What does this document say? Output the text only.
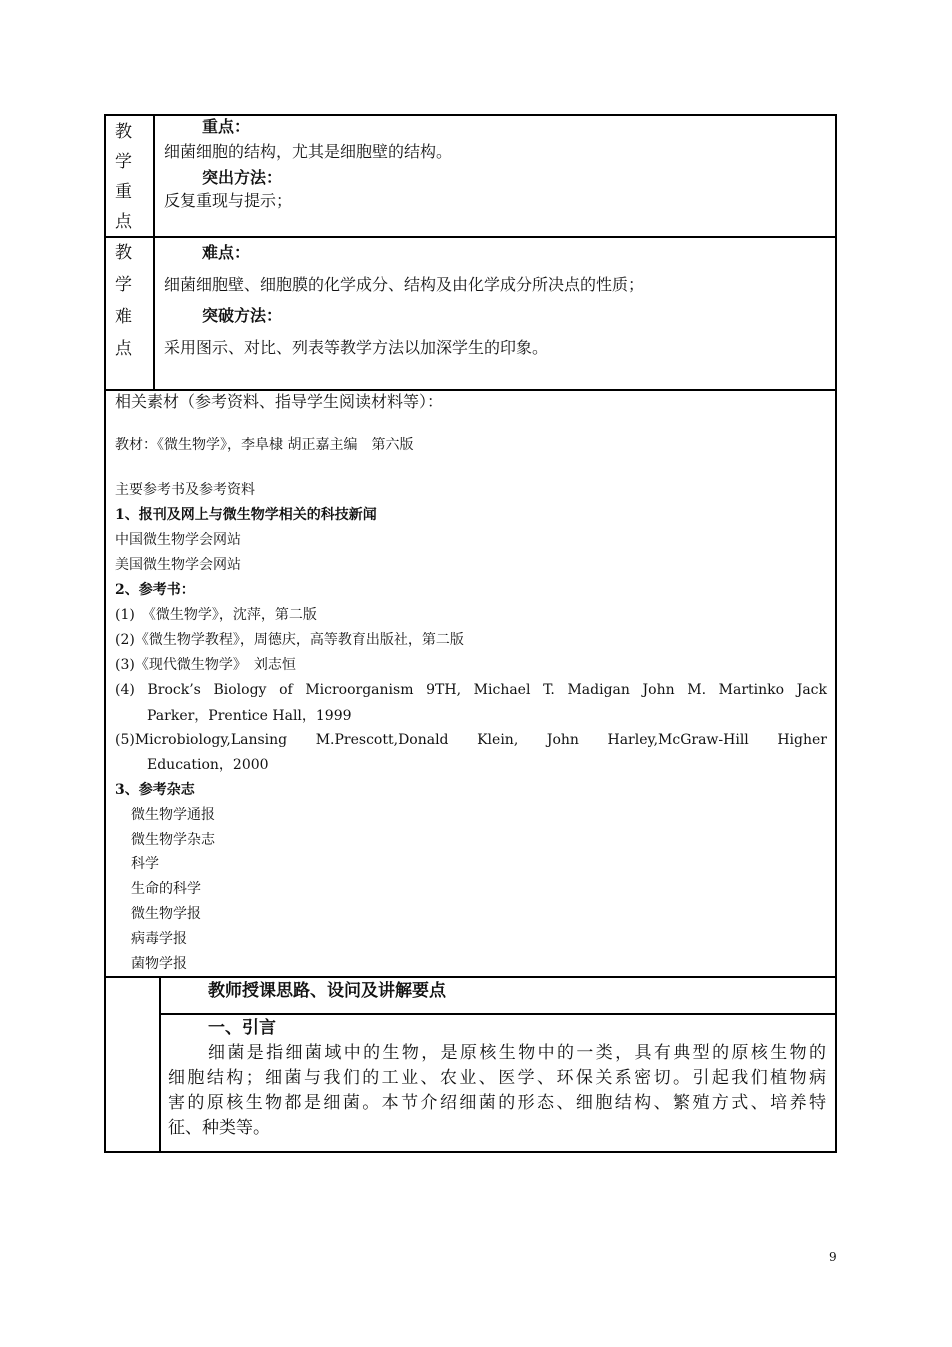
教
学
重
点
重点：
细菌细胞的结构，尤其是细胞壁的结构。
突出方法：
反复重现与提示；
教
学
难
点
难点：
细菌细胞壁、细胞膜的化学成分、结构及由化学成分所决点的性质；
突破方法：
采用图示、对比、列表等教学方法以加深学生的印象。
相关素材（参考资料、指导学生阅读材料等）：
教材：《微生物学》，李阜棣 胡正嘉主编　第六版
主要参考书及参考资料
1、报刊及网上与微生物学相关的科技新闻
中国微生物学会网站
美国微生物学会网站
2、参考书：
(1)　《微生物学》，沈萍，第二版
(2)《微生物学教程》，周德庆，高等教育出版社，第二版
(3)《现代微生物学》　刘志恒
(4) Brock’s Biology of Microorganism 9TH, Michael T. Madigan John M. Martinko Jack
Parker，Prentice Hall，1999
(5)Microbiology,Lansing M.Prescott,Donald Klein, John Harley,McGraw-Hill Higher
Education，2000
3、参考杂志
微生物学通报
微生物学杂志
科学
生命的科学
微生物学报
病毒学报
菌物学报
教师授课思路、设问及讲解要点
一、引言
细菌是指细菌域中的生物，是原核生物中的一类，具有典型的原核生物的
细胞结构；细菌与我们的工业、农业、医学、环保关系密切。引起我们植物病
害的原核生物都是细菌。本节介绍细菌的形态、细胞结构、繁殖方式、培养特
征、种类等。
9
